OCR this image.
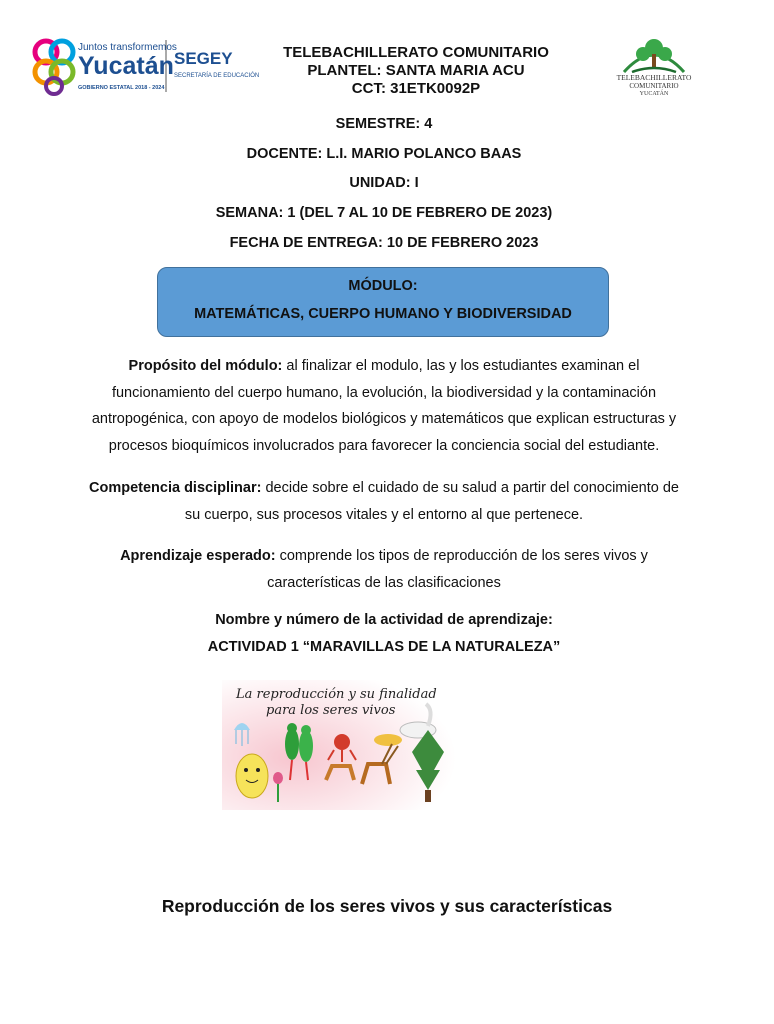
Juntos transformemos
Yucatán
GOBIERNO ESTATAL 2018 - 2024
SEGEY
SECRETARÍA DE EDUCACIÓN
TELEBACHILLERATO COMUNITARIO
PLANTEL: SANTA MARIA ACU
CCT: 31ETK0092P
TELEBACHILLERATO
COMUNITARIO
YUCATÁN
SEMESTRE: 4
DOCENTE: L.I. MARIO POLANCO BAAS
UNIDAD: I
SEMANA: 1 (DEL 7 AL 10 DE FEBRERO DE 2023)
FECHA DE ENTREGA: 10 DE FEBRERO 2023
MÓDULO:
MATEMÁTICAS, CUERPO HUMANO Y BIODIVERSIDAD
Propósito del módulo: al finalizar el modulo, las y los estudiantes examinan el
funcionamiento del cuerpo humano, la evolución, la biodiversidad y la contaminación
antropogénica, con apoyo de modelos biológicos y matemáticos que explican estructuras y
procesos bioquímicos involucrados para favorecer la conciencia social del estudiante.
Competencia disciplinar: decide sobre el cuidado de su salud a partir del conocimiento de
su cuerpo, sus procesos vitales y el entorno al que pertenece.
Aprendizaje esperado: comprende los tipos de reproducción de los seres vivos y
características de las clasificaciones
Nombre y número de la actividad de aprendizaje:
ACTIVIDAD 1 “MARAVILLAS DE LA NATURALEZA”
La reproducción y su finalidad
para los seres vivos
Reproducción de los seres vivos y sus características
